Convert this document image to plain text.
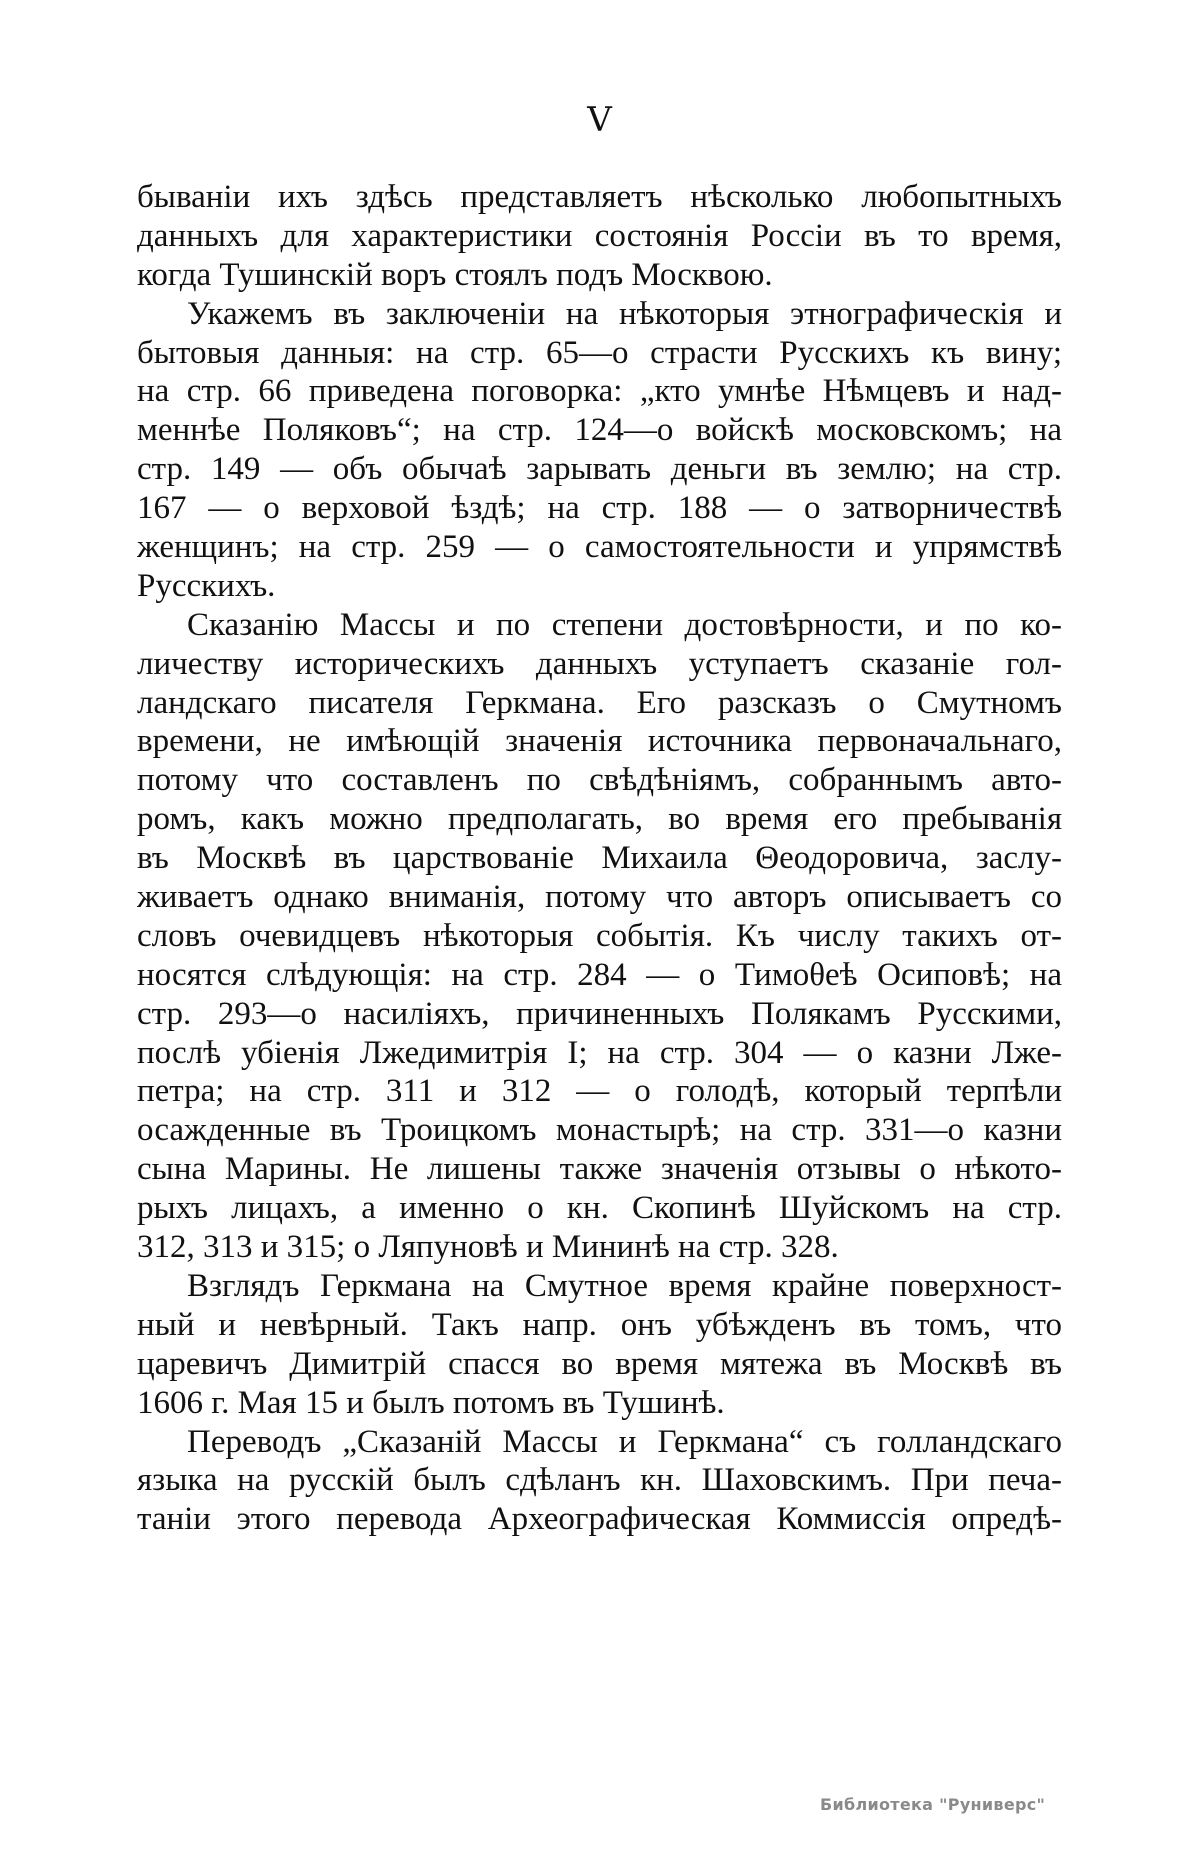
V
быванiи ихъ здѣсь представляетъ нѣсколько любопытныхъ
данныхъ для характеристики состоянiя Россiи въ то время,
когда Тушинскiй воръ стоялъ подъ Москвою.
Укажемъ въ заключенiи на нѣкоторыя этнографическiя и
бытовыя данныя: на стр. 65—о страсти Русскихъ къ вину;
на стр. 66 приведена поговорка: „кто умнѣе Нѣмцевъ и над-
меннѣе Поляковъ“; на стр. 124—о войскѣ московскомъ; на
стр. 149 — объ обычаѣ зарывать деньги въ землю; на стр.
167 — о верховой ѣздѣ; на стр. 188 — о затворничествѣ
женщинъ; на стр. 259 — о самостоятельности и упрямствѣ
Русскихъ.
Сказанiю Массы и по степени достовѣрности, и по ко-
личеству историческихъ данныхъ уступаетъ сказанiе гол-
ландскаго писателя Геркмана. Его разсказъ о Смутномъ
времени, не имѣющiй значенiя источника первоначальнаго,
потому что составленъ по свѣдѣнiямъ, собраннымъ авто-
ромъ, какъ можно предполагать, во время его пребыванiя
въ Москвѣ въ царствованiе Михаила Θеодоровича, заслу-
живаетъ однако вниманiя, потому что авторъ описываетъ со
словъ очевидцевъ нѣкоторыя событiя. Къ числу такихъ от-
носятся слѣдующiя: на стр. 284 — о Тимоθеѣ Осиповѣ; на
стр. 293—о насилiяхъ, причиненныхъ Полякамъ Русскими,
послѣ убiенiя Лжедимитрiя I; на стр. 304 — о казни Лже-
петра; на стр. 311 и 312 — о голодѣ, который терпѣли
осажденные въ Троицкомъ монастырѣ; на стр. 331—о казни
сына Марины. Не лишены также значенiя отзывы о нѣкото-
рыхъ лицахъ, а именно о кн. Скопинѣ Шуйскомъ на стр.
312, 313 и 315; о Ляпуновѣ и Мининѣ на стр. 328.
Взглядъ Геркмана на Смутное время крайне поверхност-
ный и невѣрный. Такъ напр. онъ убѣжденъ въ томъ, что
царевичъ Димитрiй спасся во время мятежа въ Москвѣ въ
1606 г. Мая 15 и былъ потомъ въ Тушинѣ.
Переводъ „Сказанiй Массы и Геркмана“ съ голландскаго
языка на русскiй былъ сдѣланъ кн. Шаховскимъ. При печа-
танiи этого перевода Археографическая Коммиссiя опредѣ-
Библиотека "Руниверс"
